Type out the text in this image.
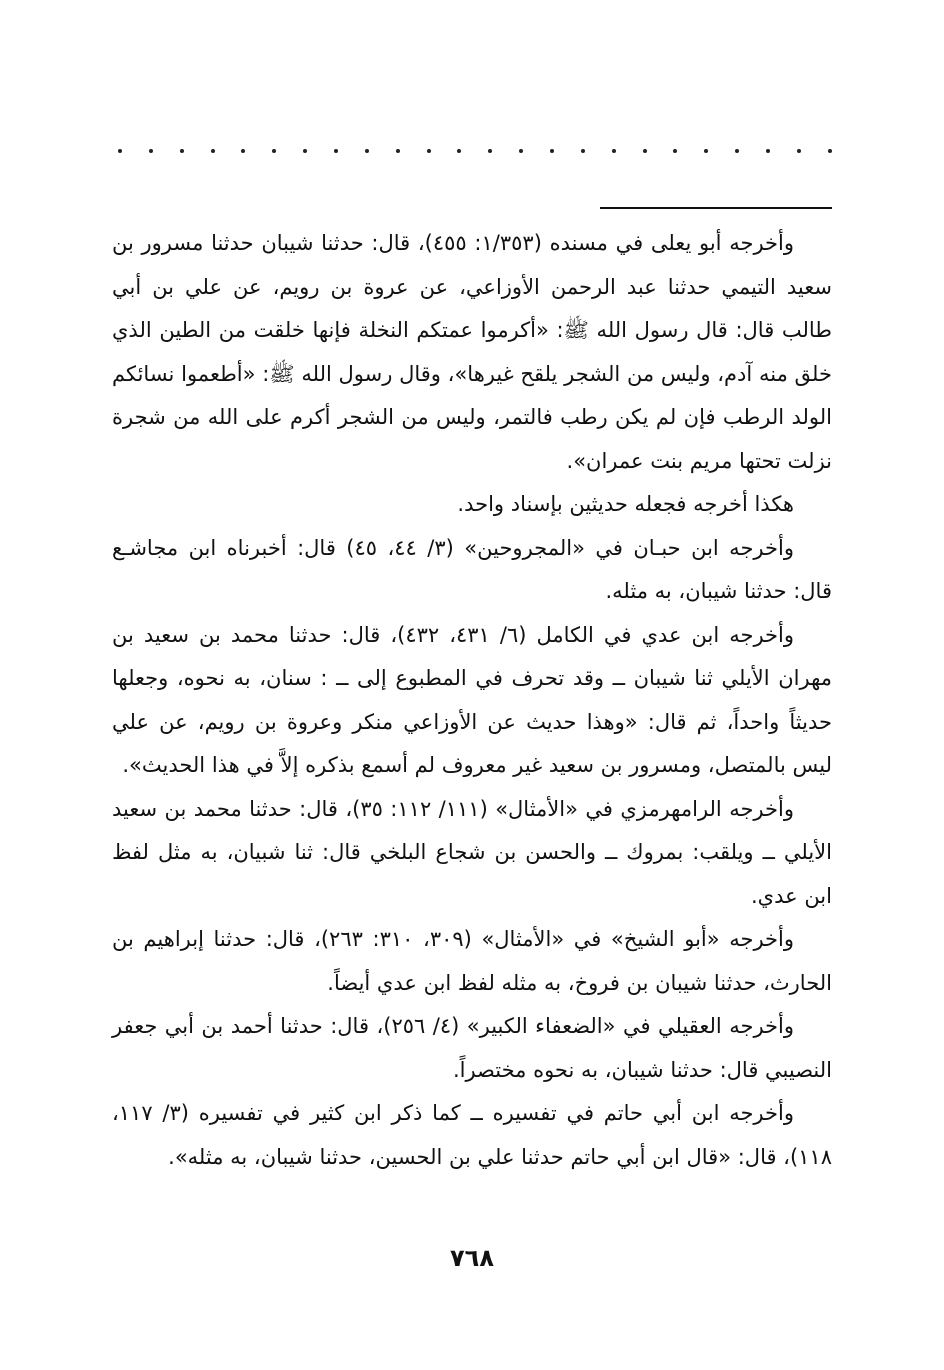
وأخرجه أبو يعلى في مسنده (١/٣٥٣: ٤٥٥)، قال: حدثنا شيبان حدثنا مسرور بن سعيد التيمي حدثنا عبد الرحمن الأوزاعي، عن عروة بن رويم، عن علي بن أبي طالب قال: قال رسول الله ﷺ: «أكرموا عمتكم النخلة فإنها خلقت من الطين الذي خلق منه آدم، وليس من الشجر يلقح غيرها»، وقال رسول الله ﷺ: «أطعموا نسائكم الولد الرطب فإن لم يكن رطب فالتمر، وليس من الشجر أكرم على الله من شجرة نزلت تحتها مريم بنت عمران».

هكذا أخرجه فجعله حديثين بإسناد واحد.

وأخرجه ابن حبـان في «المجروحين» (٣/ ٤٤، ٤٥) قال: أخبرناه ابن مجاشـع قال: حدثنا شيبان، به مثله.

وأخرجه ابن عدي في الكامل (٦/ ٤٣١، ٤٣٢)، قال: حدثنا محمد بن سعيد بن مهران الأيلي ثنا شيبان ــ وقد تحرف في المطبوع إلى ــ : سنان، به نحوه، وجعلها حديثاً واحداً، ثم قال: «وهذا حديث عن الأوزاعي منكر وعروة بن رويم، عن علي ليس بالمتصل، ومسرور بن سعيد غير معروف لم أسمع بذكره إلاَّ في هذا الحديث».

وأخرجه الرامهرمزي في «الأمثال» (١١١/ ١١٢: ٣٥)، قال: حدثنا محمد بن سعيد الأيلي ــ ويلقب: بمروك ــ والحسن بن شجاع البلخي قال: ثنا شبيان، به مثل لفظ ابن عدي.

وأخرجه «أبو الشيخ» في «الأمثال» (٣٠٩، ٣١٠: ٢٦٣)، قال: حدثنا إبراهيم بن الحارث، حدثنا شيبان بن فروخ، به مثله لفظ ابن عدي أيضاً.

وأخرجه العقيلي في «الضعفاء الكبير» (٤/ ٢٥٦)، قال: حدثنا أحمد بن أبي جعفر النصيبي قال: حدثنا شيبان، به نحوه مختصراً.

وأخرجه ابن أبي حاتم في تفسيره ــ كما ذكر ابن كثير في تفسيره (٣/ ١١٧، ١١٨)، قال: «قال ابن أبي حاتم حدثنا علي بن الحسين، حدثنا شيبان، به مثله».

٧٦٨
